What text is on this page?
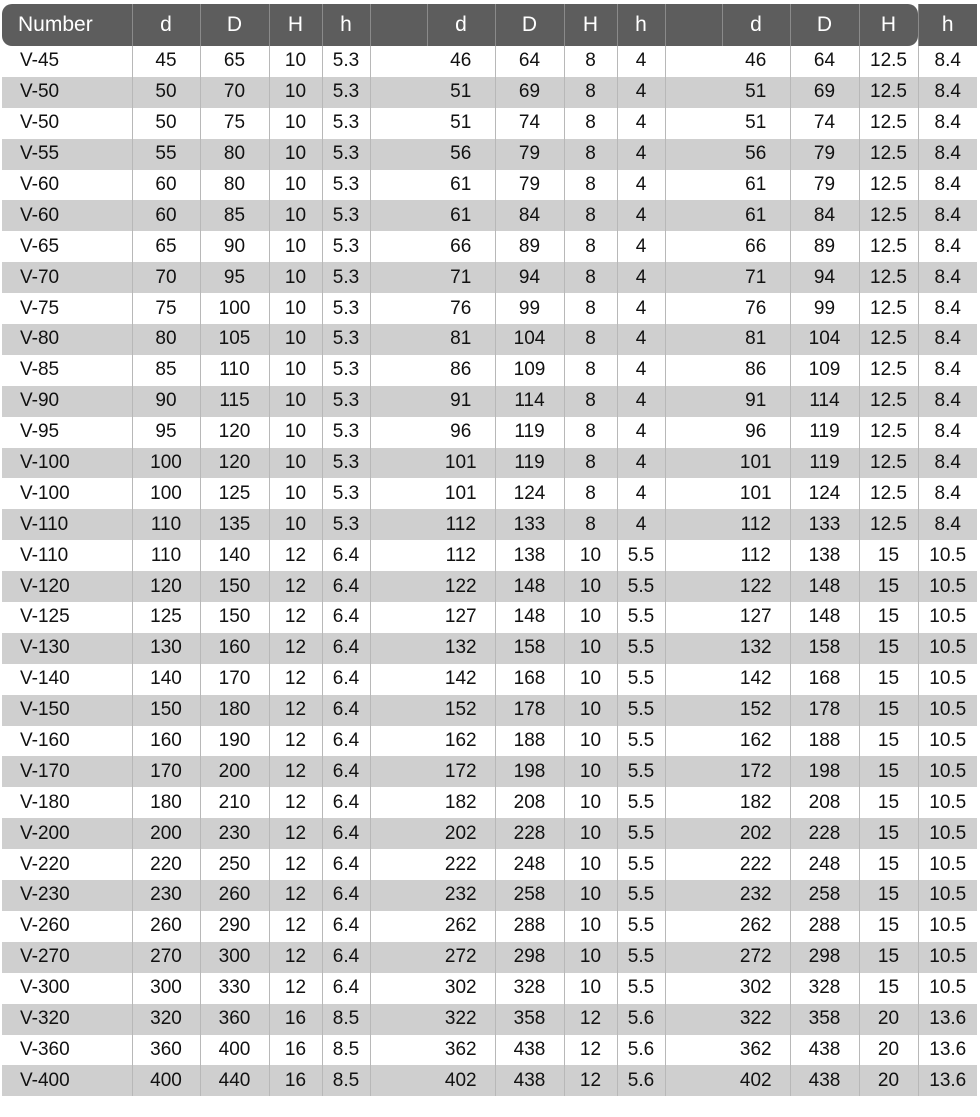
Number	d	D	H	h		d	D	H	h		d	D	H	h
V-45	45	65	10	5.3		46	64	8	4		46	64	12.5	8.4
V-50	50	70	10	5.3		51	69	8	4		51	69	12.5	8.4
V-50	50	75	10	5.3		51	74	8	4		51	74	12.5	8.4
V-55	55	80	10	5.3		56	79	8	4		56	79	12.5	8.4
V-60	60	80	10	5.3		61	79	8	4		61	79	12.5	8.4
V-60	60	85	10	5.3		61	84	8	4		61	84	12.5	8.4
V-65	65	90	10	5.3		66	89	8	4		66	89	12.5	8.4
V-70	70	95	10	5.3		71	94	8	4		71	94	12.5	8.4
V-75	75	100	10	5.3		76	99	8	4		76	99	12.5	8.4
V-80	80	105	10	5.3		81	104	8	4		81	104	12.5	8.4
V-85	85	110	10	5.3		86	109	8	4		86	109	12.5	8.4
V-90	90	115	10	5.3		91	114	8	4		91	114	12.5	8.4
V-95	95	120	10	5.3		96	119	8	4		96	119	12.5	8.4
V-100	100	120	10	5.3		101	119	8	4		101	119	12.5	8.4
V-100	100	125	10	5.3		101	124	8	4		101	124	12.5	8.4
V-110	110	135	10	5.3		112	133	8	4		112	133	12.5	8.4
V-110	110	140	12	6.4		112	138	10	5.5		112	138	15	10.5
V-120	120	150	12	6.4		122	148	10	5.5		122	148	15	10.5
V-125	125	150	12	6.4		127	148	10	5.5		127	148	15	10.5
V-130	130	160	12	6.4		132	158	10	5.5		132	158	15	10.5
V-140	140	170	12	6.4		142	168	10	5.5		142	168	15	10.5
V-150	150	180	12	6.4		152	178	10	5.5		152	178	15	10.5
V-160	160	190	12	6.4		162	188	10	5.5		162	188	15	10.5
V-170	170	200	12	6.4		172	198	10	5.5		172	198	15	10.5
V-180	180	210	12	6.4		182	208	10	5.5		182	208	15	10.5
V-200	200	230	12	6.4		202	228	10	5.5		202	228	15	10.5
V-220	220	250	12	6.4		222	248	10	5.5		222	248	15	10.5
V-230	230	260	12	6.4		232	258	10	5.5		232	258	15	10.5
V-260	260	290	12	6.4		262	288	10	5.5		262	288	15	10.5
V-270	270	300	12	6.4		272	298	10	5.5		272	298	15	10.5
V-300	300	330	12	6.4		302	328	10	5.5		302	328	15	10.5
V-320	320	360	16	8.5		322	358	12	5.6		322	358	20	13.6
V-360	360	400	16	8.5		362	438	12	5.6		362	438	20	13.6
V-400	400	440	16	8.5		402	438	12	5.6		402	438	20	13.6
